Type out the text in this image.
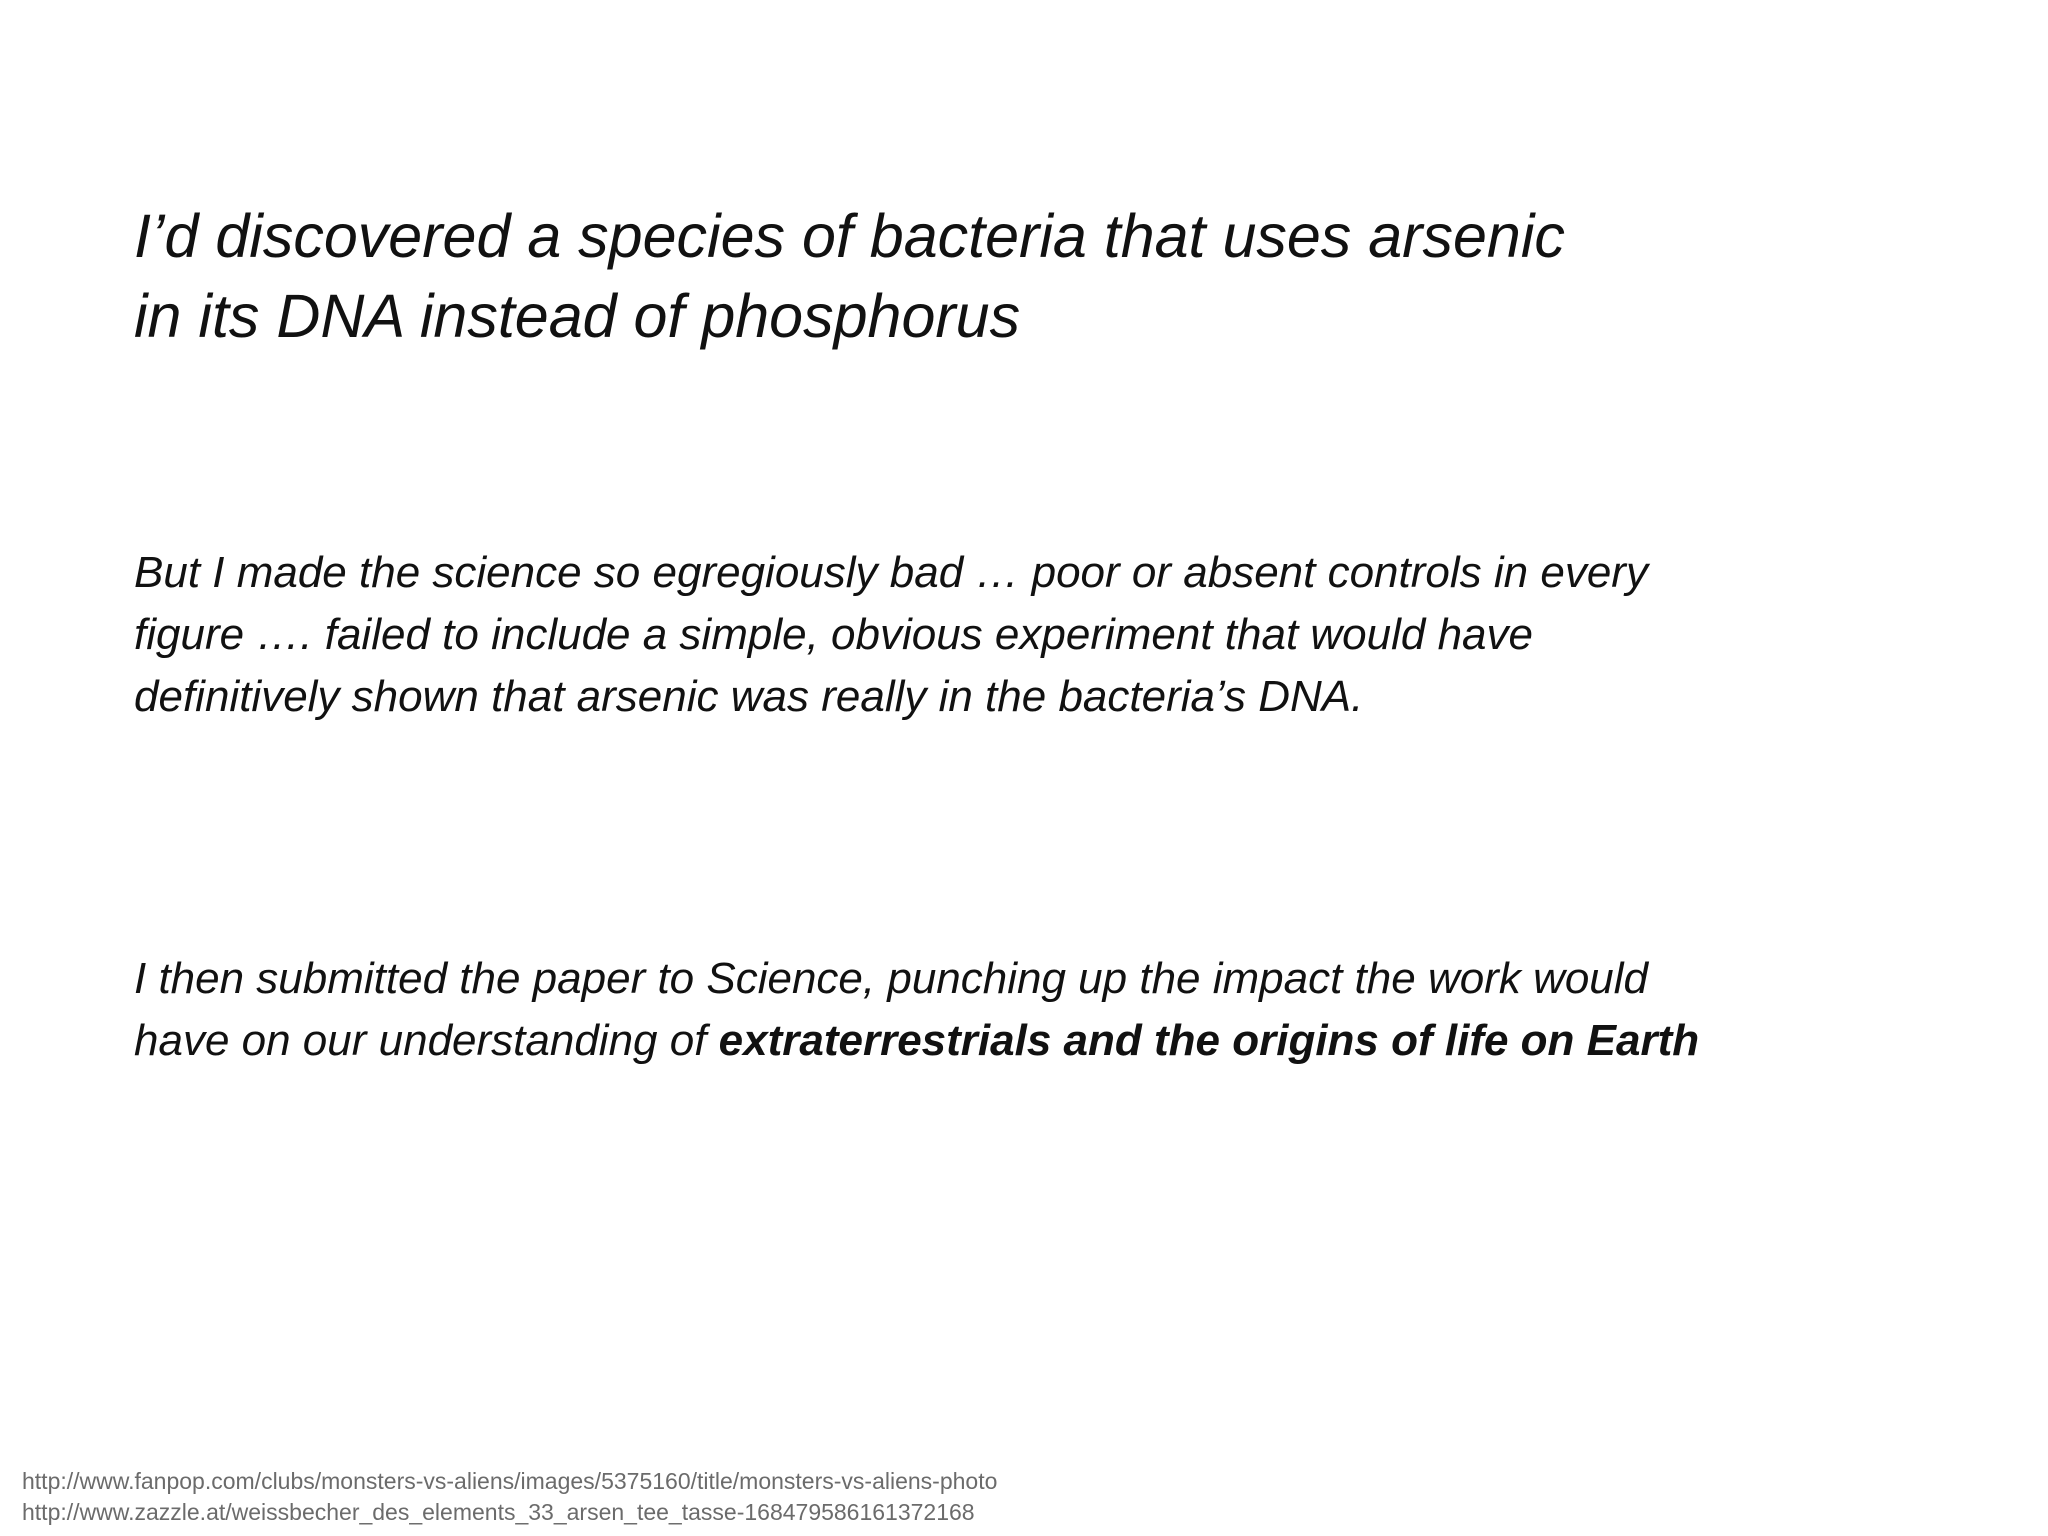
I’d discovered a species of bacteria that uses arsenic
in its DNA instead of phosphorus
But I made the science so egregiously bad … poor or absent controls in every
figure …. failed to include a simple, obvious experiment that would have
definitively shown that arsenic was really in the bacteria’s DNA.
I then submitted the paper to Science, punching up the impact the work would
have on our understanding of extraterrestrials and the origins of life on Earth
http://www.fanpop.com/clubs/monsters-vs-aliens/images/5375160/title/monsters-vs-aliens-photo
http://www.zazzle.at/weissbecher_des_elements_33_arsen_tee_tasse-168479586161372168
